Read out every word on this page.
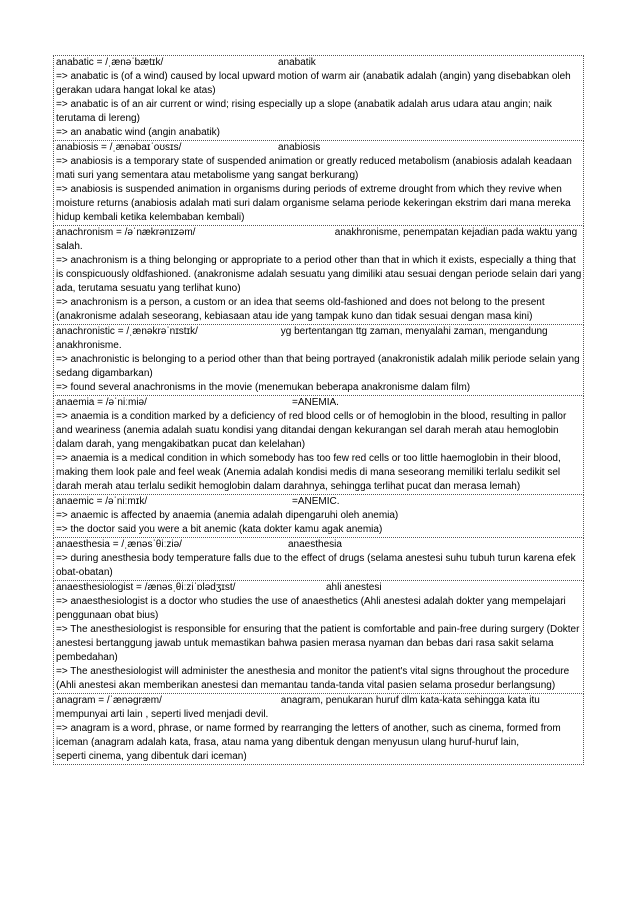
anabatic = /ˌænəˈbætɪk/	anabatik
=> anabatic is (of a wind) caused by local upward motion of warm air (anabatik adalah (angin) yang disebabkan oleh gerakan udara hangat lokal ke atas)
=> anabatic is of an air current or wind; rising especially up a slope (anabatik adalah arus udara atau angin; naik terutama di lereng)
=> an anabatic wind (angin anabatik)
anabiosis = /ˌænəbaɪˈoʊsɪs/	anabiosis
=> anabiosis is a temporary state of suspended animation or greatly reduced metabolism (anabiosis adalah keadaan mati suri yang sementara atau metabolisme yang sangat berkurang)
=> anabiosis is suspended animation in organisms during periods of extreme drought from which they revive when moisture returns (anabiosis adalah mati suri dalam organisme selama periode kekeringan ekstrim dari mana mereka hidup kembali ketika kelembaban kembali)
anachronism = /əˈnækrənɪzəm/	anakhronisme, penempatan kejadian pada waktu yang salah.
=> anachronism is a thing belonging or appropriate to a period other than that in which it exists, especially a thing that is conspicuously oldfashioned. (anakronisme adalah sesuatu yang dimiliki atau sesuai dengan periode selain dari yang ada, terutama sesuatu yang terlihat kuno)
=> anachronism is a person, a custom or an idea that seems old-fashioned and does not belong to the present (anakronisme adalah seseorang, kebiasaan atau ide yang tampak kuno dan tidak sesuai dengan masa kini)
anachronistic = /ˌænəkrəˈnɪstɪk/	yg bertentangan ttg zaman, menyalahi zaman, mengandung anakhronisme.
=> anachronistic is belonging to a period other than that being portrayed (anakronistik adalah milik periode selain yang sedang digambarkan)
=> found several anachronisms in the movie (menemukan beberapa anakronisme dalam film)
anaemia = /əˈniːmiə/	=ANEMIA.
=> anaemia is a condition marked by a deficiency of red blood cells or of hemoglobin in the blood, resulting in pallor and weariness (anemia adalah suatu kondisi yang ditandai dengan kekurangan sel darah merah atau hemoglobin dalam darah, yang mengakibatkan pucat dan kelelahan)
=> anaemia is a medical condition in which somebody has too few red cells or too little haemoglobin in their blood, making them look pale and feel weak (Anemia adalah kondisi medis di mana seseorang memiliki terlalu sedikit sel darah merah atau terlalu sedikit hemoglobin dalam darahnya, sehingga terlihat pucat dan merasa lemah)
anaemic = /əˈniːmɪk/	=ANEMIC.
=> anaemic is affected by anaemia (anemia adalah dipengaruhi oleh anemia)
=> the doctor said you were a bit anemic (kata dokter kamu agak anemia)
anaesthesia = /ˌænəsˈθiːziə/	anaesthesia
=> during anesthesia body temperature falls due to the effect of drugs (selama anestesi suhu tubuh turun karena efek obat-obatan)
anaesthesiologist = /ænəsˌθiːziˈɒlədʒɪst/	ahli anestesi
=> anaesthesiologist is a doctor who studies the use of anaesthetics (Ahli anestesi adalah dokter yang mempelajari penggunaan obat bius)
=> The anesthesiologist is responsible for ensuring that the patient is comfortable and pain-free during surgery (Dokter anestesi bertanggung jawab untuk memastikan bahwa pasien merasa nyaman dan bebas dari rasa sakit selama pembedahan)
=> The anesthesiologist will administer the anesthesia and monitor the patient's vital signs throughout the procedure (Ahli anestesi akan memberikan anestesi dan memantau tanda-tanda vital pasien selama prosedur berlangsung)
anagram = /ˈænəgræm/	anagram, penukaran huruf dlm kata-kata sehingga kata itu mempunyai arti lain , seperti lived menjadi devil.
=> anagram is a word, phrase, or name formed by rearranging the letters of another, such as cinema, formed from iceman (anagram adalah kata, frasa, atau nama yang dibentuk dengan menyusun ulang huruf-huruf lain,
seperti cinema, yang dibentuk dari iceman)
